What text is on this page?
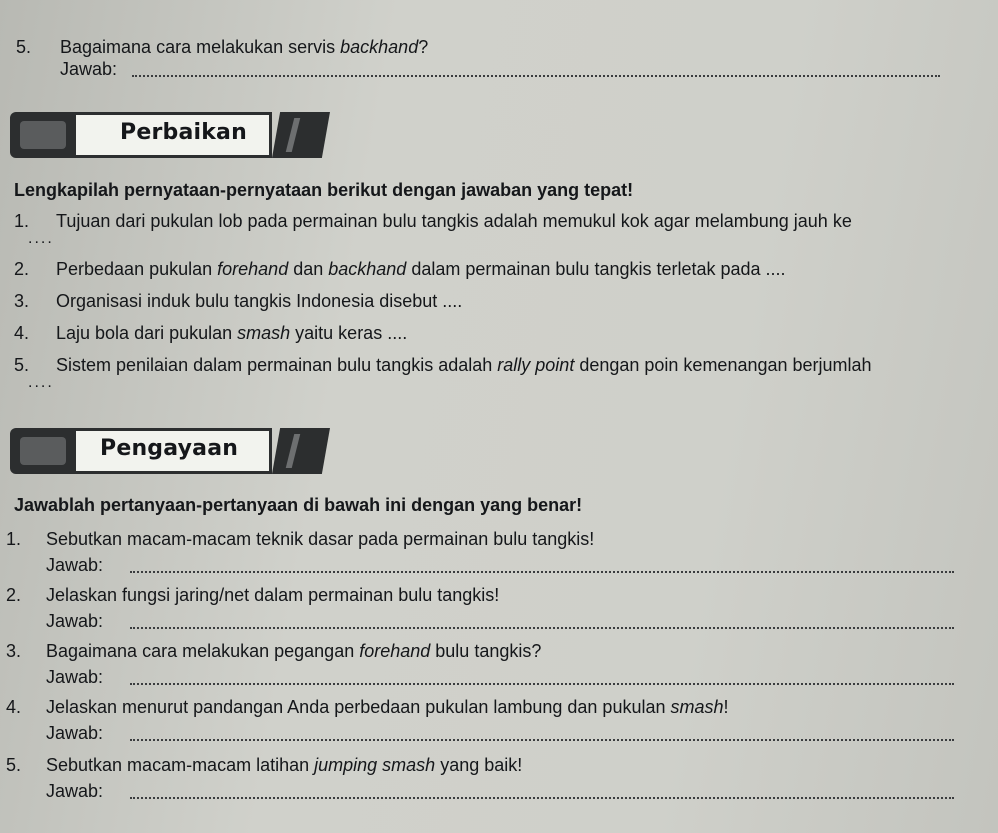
5. Bagaimana cara melakukan servis backhand?
Jawab:
Perbaikan
Lengkapilah pernyataan-pernyataan berikut dengan jawaban yang tepat!
1. Tujuan dari pukulan lob pada permainan bulu tangkis adalah memukul kok agar melambung jauh ke
....
2. Perbedaan pukulan forehand dan backhand dalam permainan bulu tangkis terletak pada ....
3. Organisasi induk bulu tangkis Indonesia disebut ....
4. Laju bola dari pukulan smash yaitu keras ....
5. Sistem penilaian dalam permainan bulu tangkis adalah rally point dengan poin kemenangan berjumlah
....
Pengayaan
Jawablah pertanyaan-pertanyaan di bawah ini dengan yang benar!
1. Sebutkan macam-macam teknik dasar pada permainan bulu tangkis!
Jawab:
2. Jelaskan fungsi jaring/net dalam permainan bulu tangkis!
Jawab:
3. Bagaimana cara melakukan pegangan forehand bulu tangkis?
Jawab:
4. Jelaskan menurut pandangan Anda perbedaan pukulan lambung dan pukulan smash!
Jawab:
5. Sebutkan macam-macam latihan jumping smash yang baik!
Jawab:
